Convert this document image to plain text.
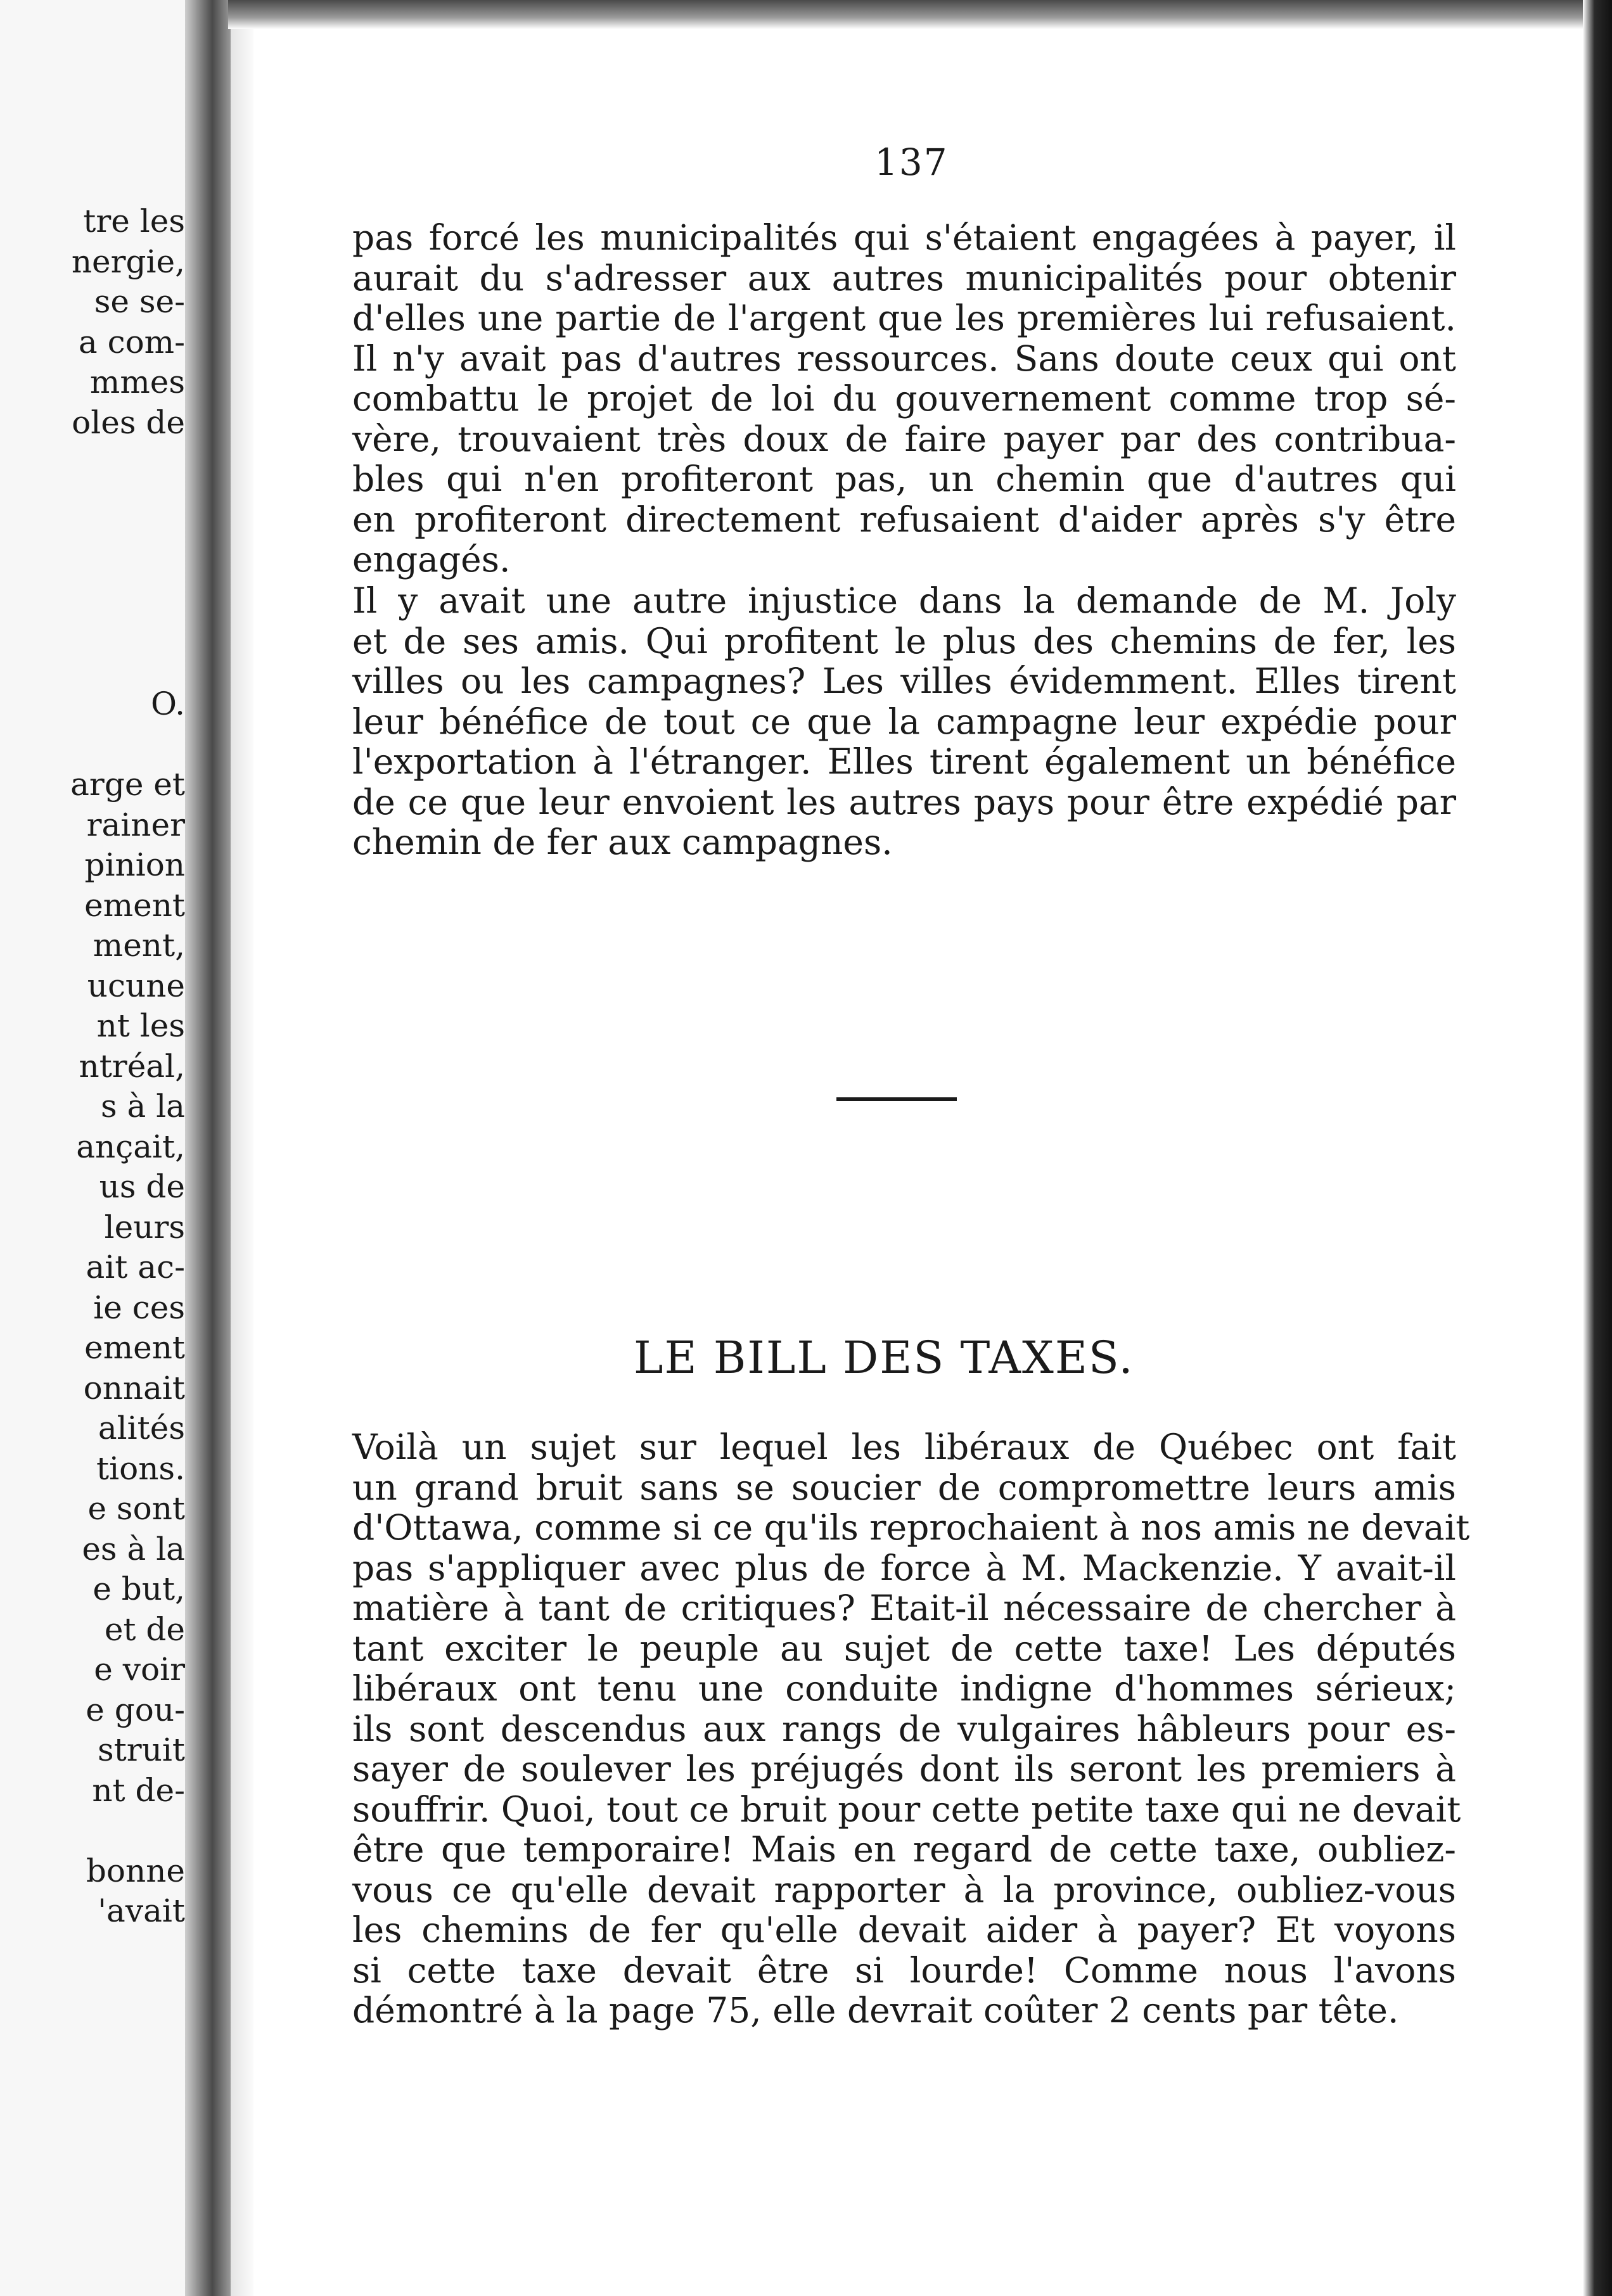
tre les
nergie,
se se-
a com-
mmes
oles de
O.
arge et
rainer
pinion
ement
ment,
ucune
nt les
ntréal,
s à la
ançait,
us de
leurs
ait ac-
ie ces
ement
onnait
alités
tions.
e sont
es à la
e but,
et de
e voir
e gou-
struit
nt de-
bonne
'avait
137
pas forcé les municipalités qui s'étaient engagées à payer, il
aurait du s'adresser aux autres municipalités pour obtenir
d'elles une partie de l'argent que les premières lui refusaient.
Il n'y avait pas d'autres ressources. Sans doute ceux qui ont
combattu le projet de loi du gouvernement comme trop sé-
vère, trouvaient très doux de faire payer par des contribua-
bles qui n'en profiteront pas, un chemin que d'autres qui
en profiteront directement refusaient d'aider après s'y être
engagés.
Il y avait une autre injustice dans la demande de M. Joly
et de ses amis. Qui profitent le plus des chemins de fer, les
villes ou les campagnes? Les villes évidemment. Elles tirent
leur bénéfice de tout ce que la campagne leur expédie pour
l'exportation à l'étranger. Elles tirent également un bénéfice
de ce que leur envoient les autres pays pour être expédié par
chemin de fer aux campagnes.
LE BILL DES TAXES.
Voilà un sujet sur lequel les libéraux de Québec ont fait
un grand bruit sans se soucier de compromettre leurs amis
d'Ottawa, comme si ce qu'ils reprochaient à nos amis ne devait
pas s'appliquer avec plus de force à M. Mackenzie. Y avait-il
matière à tant de critiques? Etait-il nécessaire de chercher à
tant exciter le peuple au sujet de cette taxe! Les députés
libéraux ont tenu une conduite indigne d'hommes sérieux;
ils sont descendus aux rangs de vulgaires hâbleurs pour es-
sayer de soulever les préjugés dont ils seront les premiers à
souffrir. Quoi, tout ce bruit pour cette petite taxe qui ne devait
être que temporaire! Mais en regard de cette taxe, oubliez-
vous ce qu'elle devait rapporter à la province, oubliez-vous
les chemins de fer qu'elle devait aider à payer? Et voyons
si cette taxe devait être si lourde! Comme nous l'avons
démontré à la page 75, elle devrait coûter 2 cents par tête.
